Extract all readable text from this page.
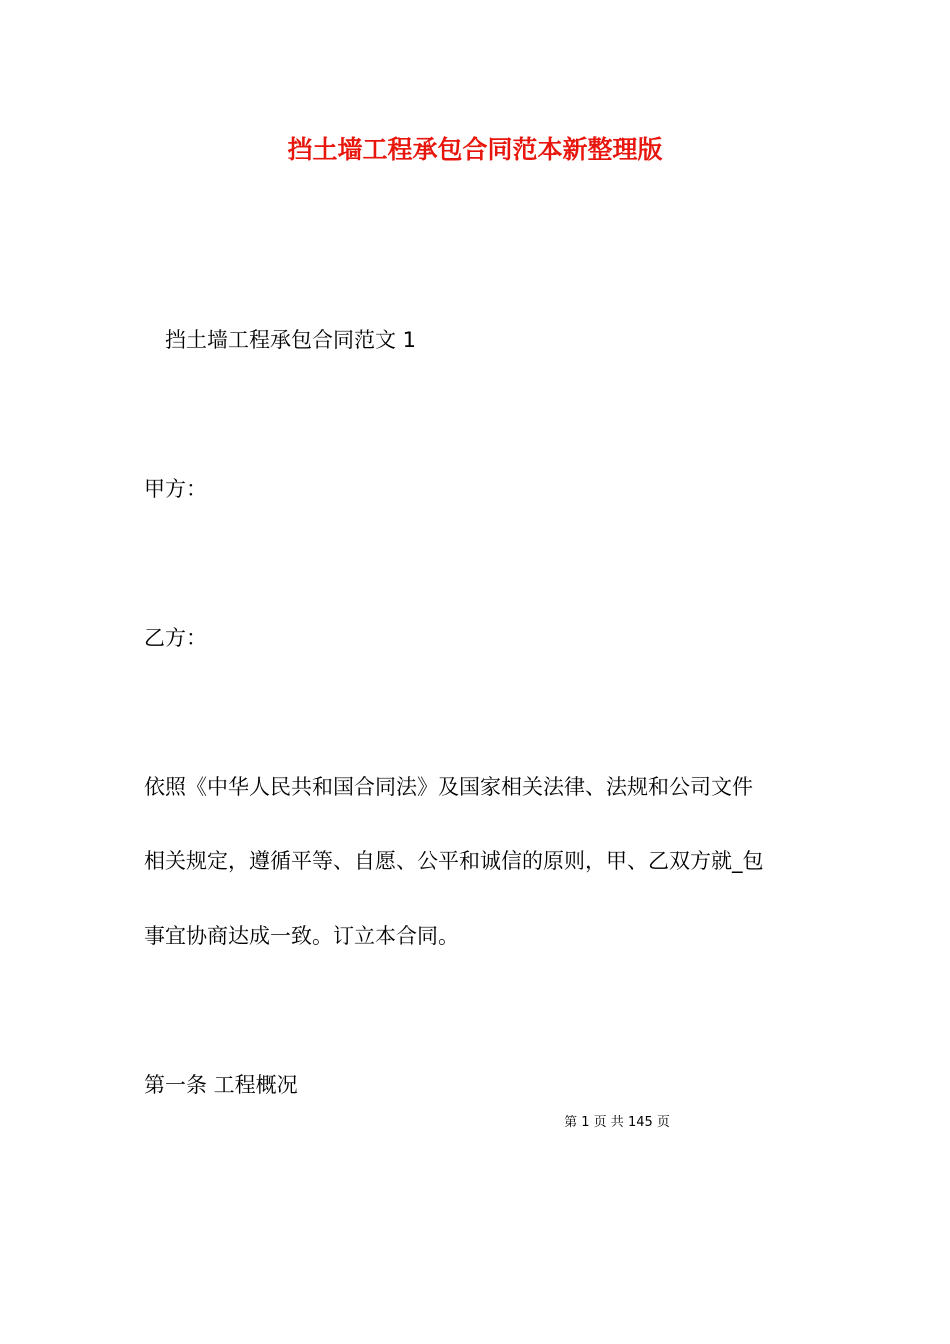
挡土墙工程承包合同范本新整理版
挡土墙工程承包合同范文 1
甲方：
乙方：
依照《中华人民共和国合同法》及国家相关法律、法规和公司文件
相关规定，遵循平等、自愿、公平和诚信的原则，甲、乙双方就_包
事宜协商达成一致。订立本合同。
第一条 工程概况
第 1 页 共 145 页
